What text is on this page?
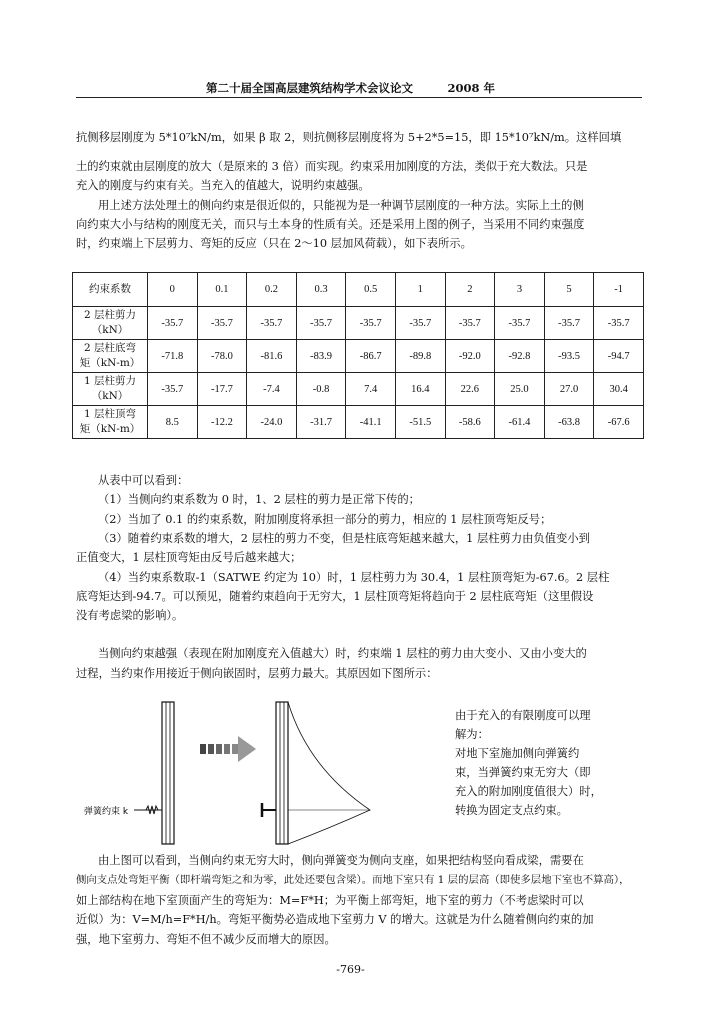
第二十届全国高层建筑结构学术会议论文　　　2008 年
抗侧移层刚度为 5*10⁷kN/m，如果 β 取 2，则抗侧移层刚度将为 5+2*5=15，即 15*10⁷kN/m。这样回填
土的约束就由层刚度的放大（是原来的 3 倍）而实现。约束采用加刚度的方法，类似于充大数法。只是
充入的刚度与约束有关。当充入的值越大，说明约束越强。
用上述方法处理土的侧向约束是很近似的，只能视为是一种调节层刚度的一种方法。实际上土的侧
向约束大小与结构的刚度无关，而只与土本身的性质有关。还是采用上图的例子，当采用不同约束强度
时，约束端上下层剪力、弯矩的反应（只在 2～10 层加风荷载），如下表所示。
约束系数	0	0.1	0.2	0.3	0.5	1	2	3	5	-1
2 层柱剪力
（kN）	-35.7	-35.7	-35.7	-35.7	-35.7	-35.7	-35.7	-35.7	-35.7	-35.7
2 层柱底弯
矩（kN-m）	-71.8	-78.0	-81.6	-83.9	-86.7	-89.8	-92.0	-92.8	-93.5	-94.7
1 层柱剪力
（kN）	-35.7	-17.7	-7.4	-0.8	7.4	16.4	22.6	25.0	27.0	30.4
1 层柱顶弯
矩（kN-m）	8.5	-12.2	-24.0	-31.7	-41.1	-51.5	-58.6	-61.4	-63.8	-67.6
从表中可以看到：
（1）当侧向约束系数为 0 时，1、2 层柱的剪力是正常下传的；
（2）当加了 0.1 的约束系数，附加刚度将承担一部分的剪力，相应的 1 层柱顶弯矩反号；
（3）随着约束系数的增大，2 层柱的剪力不变，但是柱底弯矩越来越大，1 层柱剪力由负值变小到
正值变大，1 层柱顶弯矩由反号后越来越大；
（4）当约束系数取-1（SATWE 约定为 10）时，1 层柱剪力为 30.4，1 层柱顶弯矩为-67.6。2 层柱
底弯矩达到-94.7。可以预见，随着约束趋向于无穷大，1 层柱顶弯矩将趋向于 2 层柱底弯矩（这里假设
没有考虑梁的影响）。
当侧向约束越强（表现在附加刚度充入值越大）时，约束端 1 层柱的剪力由大变小、又由小变大的
过程，当约束作用接近于侧向嵌固时，层剪力最大。其原因如下图所示：
弹簧约束 k
由于充入的有限刚度可以理
解为：
对地下室施加侧向弹簧约
束，当弹簧约束无穷大（即
充入的附加刚度值很大）时，
转换为固定支点约束。
由上图可以看到，当侧向约束无穷大时，侧向弹簧变为侧向支座，如果把结构竖向看成梁，需要在
侧向支点处弯矩平衡（即杆端弯矩之和为零，此处还要包含梁）。而地下室只有 1 层的层高（即使多层地下室也不算高），
如上部结构在地下室顶面产生的弯矩为：M=F*H；为平衡上部弯矩，地下室的剪力（不考虑梁时可以
近似）为：V=M/h=F*H/h。弯矩平衡势必造成地下室剪力 V 的增大。这就是为什么随着侧向约束的加
强，地下室剪力、弯矩不但不减少反而增大的原因。
-769-
